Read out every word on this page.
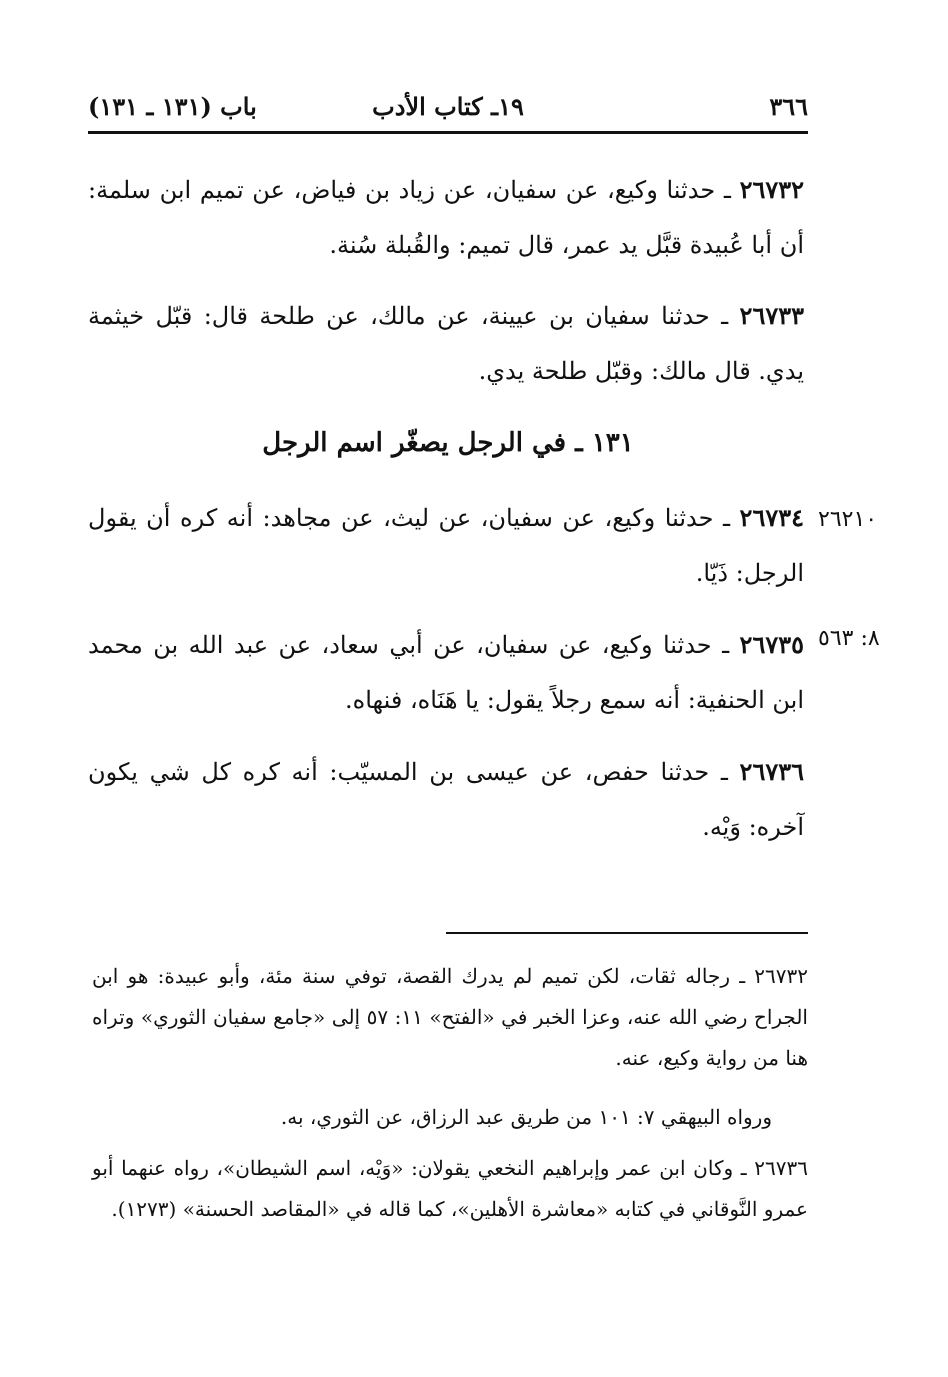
٣٦٦
١٩ـ كتاب الأدب
باب (١٣١ ـ ١٣١)
٢٦٧٣٢ ـ حدثنا وكيع، عن سفيان، عن زياد بن فياض، عن تميم ابن سلمة: أن أبا عُبيدة قبَّل يد عمر، قال تميم: والقُبلة سُنة.
٢٦٧٣٣ ـ حدثنا سفيان بن عيينة، عن مالك، عن طلحة قال: قبّل خيثمة يدي. قال مالك: وقبّل طلحة يدي.
١٣١ ـ في الرجل يصغّر اسم الرجل
٢٦٢١٠
٢٦٧٣٤ ـ حدثنا وكيع، عن سفيان، عن ليث، عن مجاهد: أنه كره أن يقول الرجل: ذَيّا.
٨: ٥٦٣
٢٦٧٣٥ ـ حدثنا وكيع، عن سفيان، عن أبي سعاد، عن عبد الله بن محمد ابن الحنفية: أنه سمع رجلاً يقول: يا هَنَاه، فنهاه.
٢٦٧٣٦ ـ حدثنا حفص، عن عيسى بن المسيّب: أنه كره كل شي يكون آخره: وَيْه.
٢٦٧٣٢ ـ رجاله ثقات، لكن تميم لم يدرك القصة، توفي سنة مئة، وأبو عبيدة: هو ابن الجراح رضي الله عنه، وعزا الخبر في «الفتح» ١١: ٥٧ إلى «جامع سفيان الثوري» وتراه هنا من رواية وكيع، عنه.
ورواه البيهقي ٧: ١٠١ من طريق عبد الرزاق، عن الثوري، به.
٢٦٧٣٦ ـ وكان ابن عمر وإبراهيم النخعي يقولان: «وَيْه، اسم الشيطان»، رواه عنهما أبو عمرو النَّوقاني في كتابه «معاشرة الأهلين»، كما قاله في «المقاصد الحسنة» (١٢٧٣).
